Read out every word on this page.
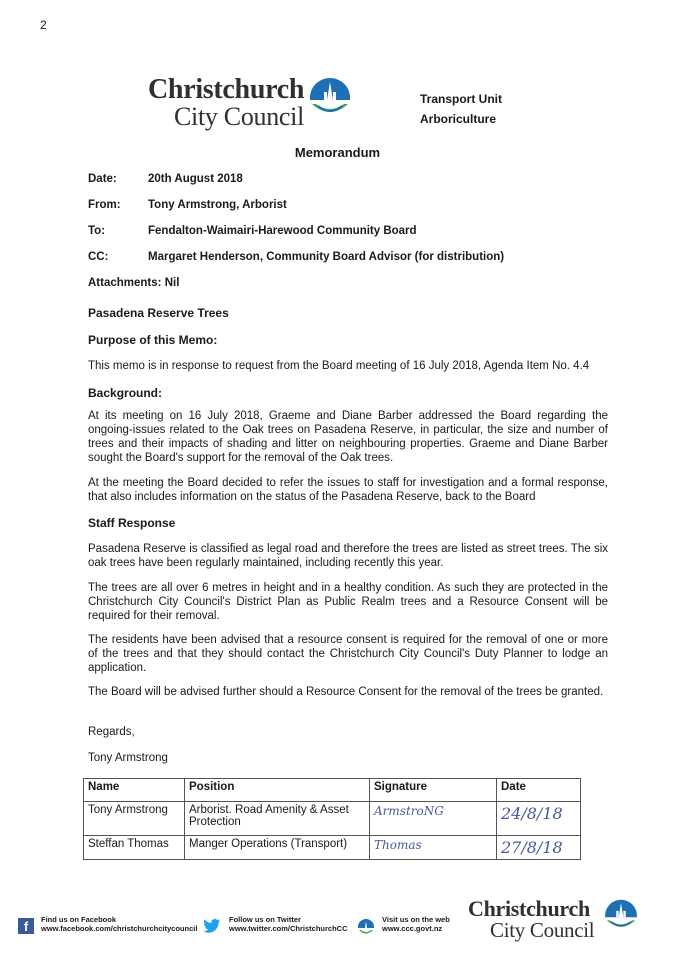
2
Christchurch
City Council
Transport Unit
Arboriculture
Memorandum
Date:	20th August 2018
From: Tony Armstrong, Arborist
To:	Fendalton-Waimairi-Harewood Community Board
CC:	Margaret Henderson, Community Board Advisor (for distribution)
Attachments: Nil
Pasadena Reserve Trees
Purpose of this Memo:
This memo is in response to request from the Board meeting of 16 July 2018, Agenda Item No. 4.4
Background:
At its meeting on 16 July 2018, Graeme and Diane Barber addressed the Board regarding the ongoing-issues related to the Oak trees on Pasadena Reserve, in particular, the size and number of trees and their impacts of shading and litter on neighbouring properties. Graeme and Diane Barber sought the Board's support for the removal of the Oak trees.
At the meeting the Board decided to refer the issues to staff for investigation and a formal response, that also includes information on the status of the Pasadena Reserve, back to the Board
Staff Response
Pasadena Reserve is classified as legal road and therefore the trees are listed as street trees. The six oak trees have been regularly maintained, including recently this year.
The trees are all over 6 metres in height and in a healthy condition. As such they are protected in the Christchurch City Council's District Plan as Public Realm trees and a Resource Consent will be required for their removal.
The residents have been advised that a resource consent is required for the removal of one or more of the trees and that they should contact the Christchurch City Council's Duty Planner to lodge an application.
The Board will be advised further should a Resource Consent for the removal of the trees be granted.
Regards,
Tony Armstrong
Name	Position	Signature	Date
Tony Armstrong	Arborist. Road Amenity & Asset Protection	ArmstroNG	24/8/18
Steffan Thomas	Manger Operations (Transport)	Thomas	27/8/18
f	Find us on Facebook
www.facebook.com/christchurchcitycouncil
Follow us on Twitter
www.twitter.com/ChristchurchCC
Visit us on the web
www.ccc.govt.nz
Christchurch
City Council
